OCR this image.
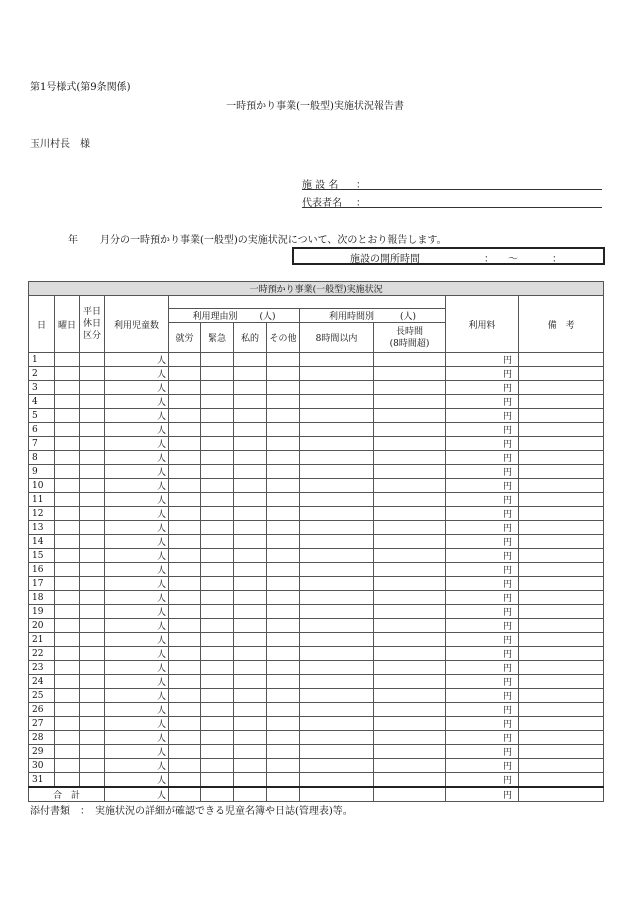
第1号様式(第9条関係)
一時預かり事業(一般型)実施状況報告書
玉川村長　様
施 設 名 ：
代表者名 ：
年 月分の一時預かり事業(一般型)の実施状況について、次のとおり報告します。
施設の開所時間	： 〜	：
一時預かり事業(一般型)実施状況											
日	曜日	平日休日区分	利用児童数							利用料	備　考
				利用理由別 (人)				利用時間別 (人)			
				就労	緊急	私的	その他	8時間以内	長時間
(8時間超)		

1			人							円	
2			人							円	
3			人							円	
4			人							円	
5			人							円	
6			人							円	
7			人							円	
8			人							円	
9			人							円	
10			人							円	
11			人							円	
12			人							円	
13			人							円	
14			人							円	
15			人							円	
16			人							円	
17			人							円	
18			人							円	
19			人							円	
20			人							円	
21			人							円	
22			人							円	
23			人							円	
24			人							円	
25			人							円	
26			人							円	
27			人							円	
28			人							円	
29			人							円	
30			人							円	
31			人							円	
合　計			人							円	
添付書類　：　実施状況の詳細が確認できる児童名簿や日誌(管理表)等。
